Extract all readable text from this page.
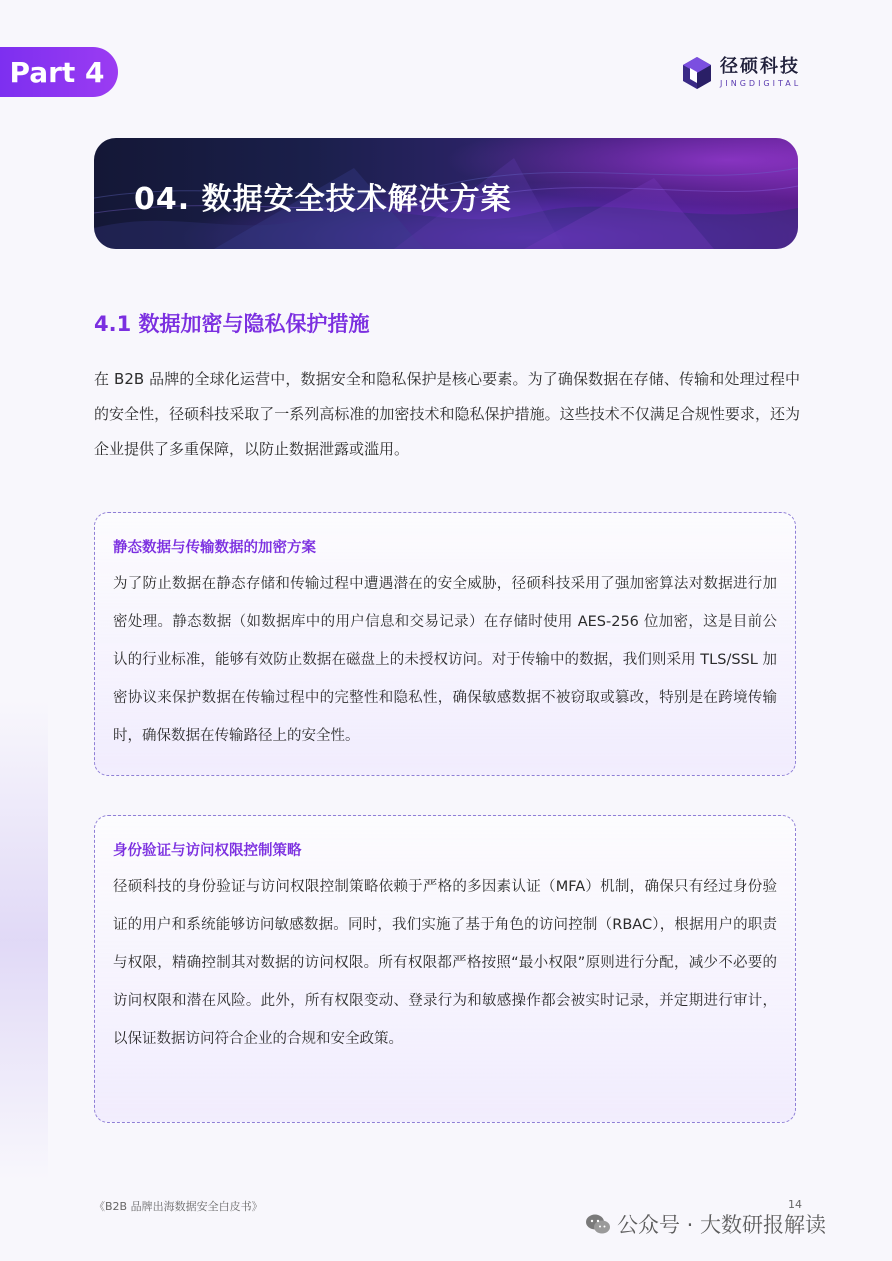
Part 4	径硕科技
JINGDIGITAL
04. 数据安全技术解决方案
4.1 数据加密与隐私保护措施

在 B2B 品牌的全球化运营中，数据安全和隐私保护是核心要素。为了确保数据在存储、传输和处理过程中的安全性，径硕科技采取了一系列高标准的加密技术和隐私保护措施。这些技术不仅满足合规性要求，还为企业提供了多重保障，以防止数据泄露或滥用。

静态数据与传输数据的加密方案

为了防止数据在静态存储和传输过程中遭遇潜在的安全威胁，径硕科技采用了强加密算法对数据进行加密处理。静态数据（如数据库中的用户信息和交易记录）在存储时使用 AES-256 位加密，这是目前公认的行业标准，能够有效防止数据在磁盘上的未授权访问。对于传输中的数据，我们则采用 TLS/SSL 加密协议来保护数据在传输过程中的完整性和隐私性，确保敏感数据不被窃取或篡改，特别是在跨境传输时，确保数据在传输路径上的安全性。

身份验证与访问权限控制策略

径硕科技的身份验证与访问权限控制策略依赖于严格的多因素认证（MFA）机制，确保只有经过身份验证的用户和系统能够访问敏感数据。同时，我们实施了基于角色的访问控制（RBAC），根据用户的职责与权限，精确控制其对数据的访问权限。所有权限都严格按照“最小权限”原则进行分配，减少不必要的访问权限和潜在风险。此外，所有权限变动、登录行为和敏感操作都会被实时记录，并定期进行审计，以保证数据访问符合企业的合规和安全政策。

《B2B 品牌出海数据安全白皮书》	14
公众号 · 大数研报解读
